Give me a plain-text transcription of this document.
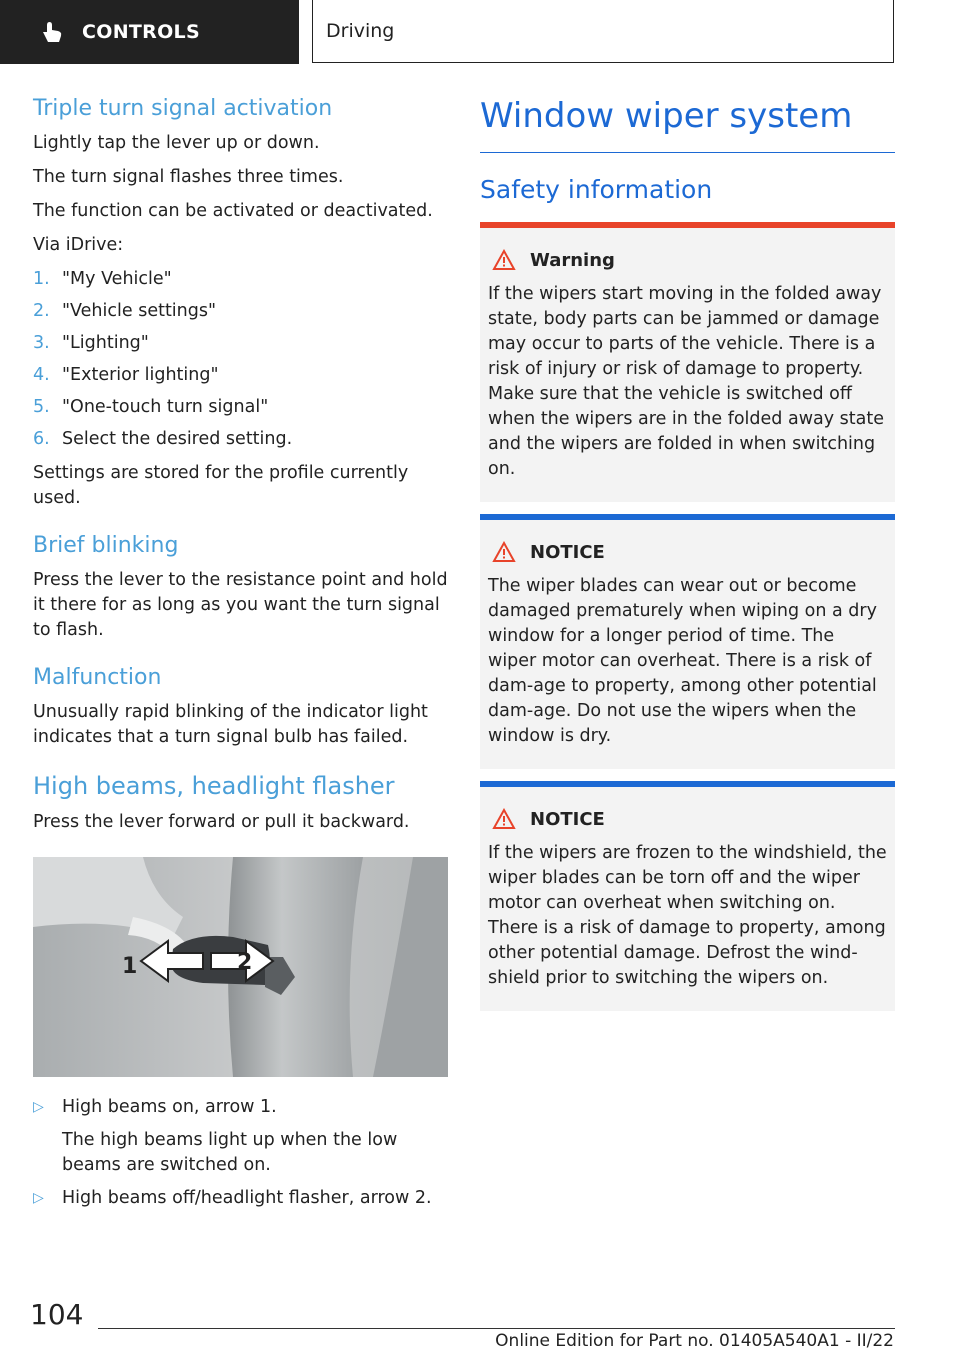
CONTROLS	Driving
Triple turn signal activation

Lightly tap the lever up or down.

The turn signal flashes three times.

The function can be activated or deactivated.

Via iDrive:

1. "My Vehicle"
2. "Vehicle settings"
3. "Lighting"
4. "Exterior lighting"
5. "One-touch turn signal"
6. Select the desired setting.

Settings are stored for the profile currently used.

Brief blinking

Press the lever to the resistance point and hold it there for as long as you want the turn signal to flash.

Malfunction

Unusually rapid blinking of the indicator light indicates that a turn signal bulb has failed.

High beams, headlight flasher

Press the lever forward or pull it backward.

1	2
▷	High beams on, arrow 1.

The high beams light up when the low beams are switched on.

▷	High beams off/headlight flasher, arrow 2.
Window wiper system
Safety information
Warning

If the wipers start moving in the folded away state, body parts can be jammed or damage may occur to parts of the vehicle. There is a risk of injury or risk of damage to property. Make sure that the vehicle is switched off when the wipers are in the folded away state and the wipers are folded in when switching on.

NOTICE

The wiper blades can wear out or become damaged prematurely when wiping on a dry window for a longer period of time. The wiper motor can overheat. There is a risk of dam-age to property, among other potential dam-age. Do not use the wipers when the window is dry.

NOTICE

If the wipers are frozen to the windshield, the wiper blades can be torn off and the wiper motor can overheat when switching on. There is a risk of damage to property, among other potential damage. Defrost the wind-shield prior to switching the wipers on.

104
Online Edition for Part no. 01405A540A1 - II/22
